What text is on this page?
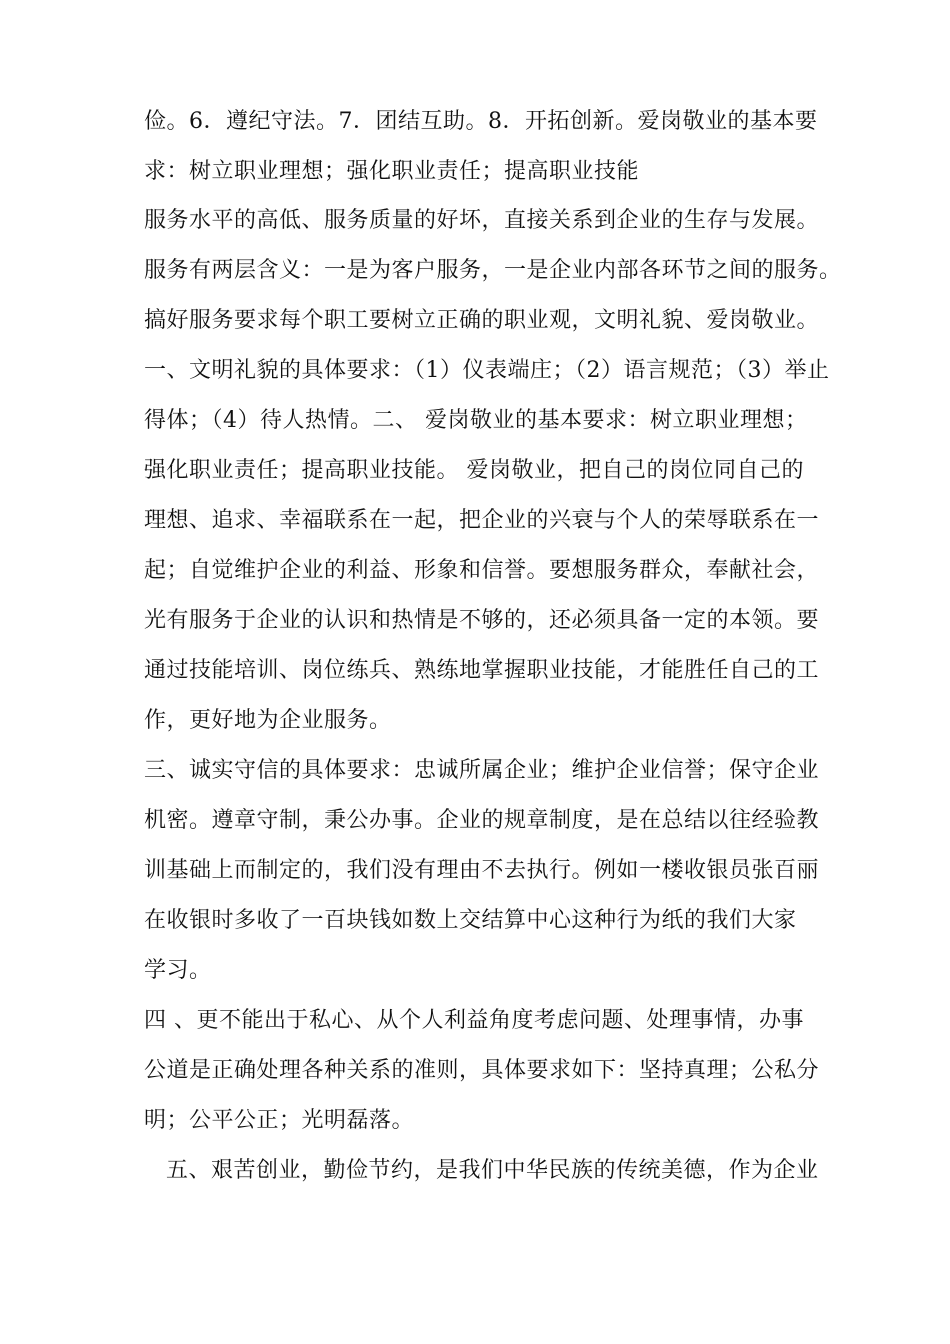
俭。6．遵纪守法。7．团结互助。8．开拓创新。爱岗敬业的基本要
求：树立职业理想；强化职业责任；提高职业技能
服务水平的高低、服务质量的好坏，直接关系到企业的生存与发展。
服务有两层含义：一是为客户服务，一是企业内部各环节之间的服务。
搞好服务要求每个职工要树立正确的职业观，文明礼貌、爱岗敬业。
一、文明礼貌的具体要求：（1）仪表端庄；（2）语言规范；（3）举止
得体；（4）待人热情。二、 爱岗敬业的基本要求：树立职业理想；
强化职业责任；提高职业技能。 爱岗敬业，把自己的岗位同自己的
理想、追求、幸福联系在一起，把企业的兴衰与个人的荣辱联系在一
起；自觉维护企业的利益、形象和信誉。要想服务群众，奉献社会，
光有服务于企业的认识和热情是不够的，还必须具备一定的本领。要
通过技能培训、岗位练兵、熟练地掌握职业技能，才能胜任自己的工
作，更好地为企业服务。
三、诚实守信的具体要求：忠诚所属企业；维护企业信誉；保守企业
机密。遵章守制，秉公办事。企业的规章制度，是在总结以往经验教
训基础上而制定的，我们没有理由不去执行。例如一楼收银员张百丽
在收银时多收了一百块钱如数上交结算中心这种行为纸的我们大家
学习。
四 、更不能出于私心、从个人利益角度考虑问题、处理事情，办事
公道是正确处理各种关系的准则，具体要求如下：坚持真理；公私分
明；公平公正；光明磊落。
五、艰苦创业，勤俭节约，是我们中华民族的传统美德，作为企业
